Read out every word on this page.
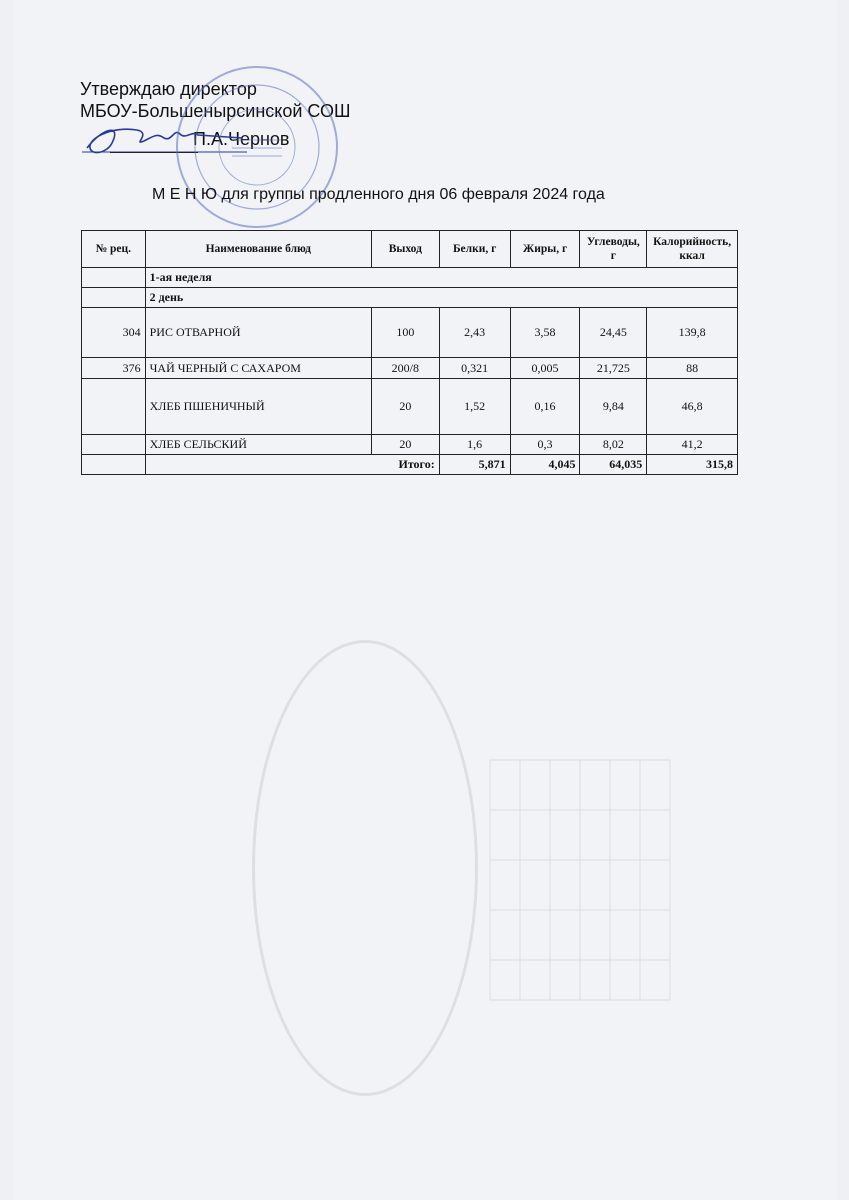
Утверждаю директор
МБОУ-Большенырсинской СОШ
П.А.Чернов
М Е Н Ю для группы продленного дня 06 февраля 2024 года
№ рец.	Наименование блюд	Выход	Белки, г	Жиры, г	Углеводы, г	Калорийность, ккал
	1-ая неделя					
	2 день					
304	РИС ОТВАРНОЙ	100	2,43	3,58	24,45	139,8
376	ЧАЙ ЧЕРНЫЙ С САХАРОМ	200/8	0,321	0,005	21,725	88
	ХЛЕБ ПШЕНИЧНЫЙ	20	1,52	0,16	9,84	46,8
	ХЛЕБ СЕЛЬСКИЙ	20	1,6	0,3	8,02	41,2
	Итого:		5,871	4,045	64,035	315,8
